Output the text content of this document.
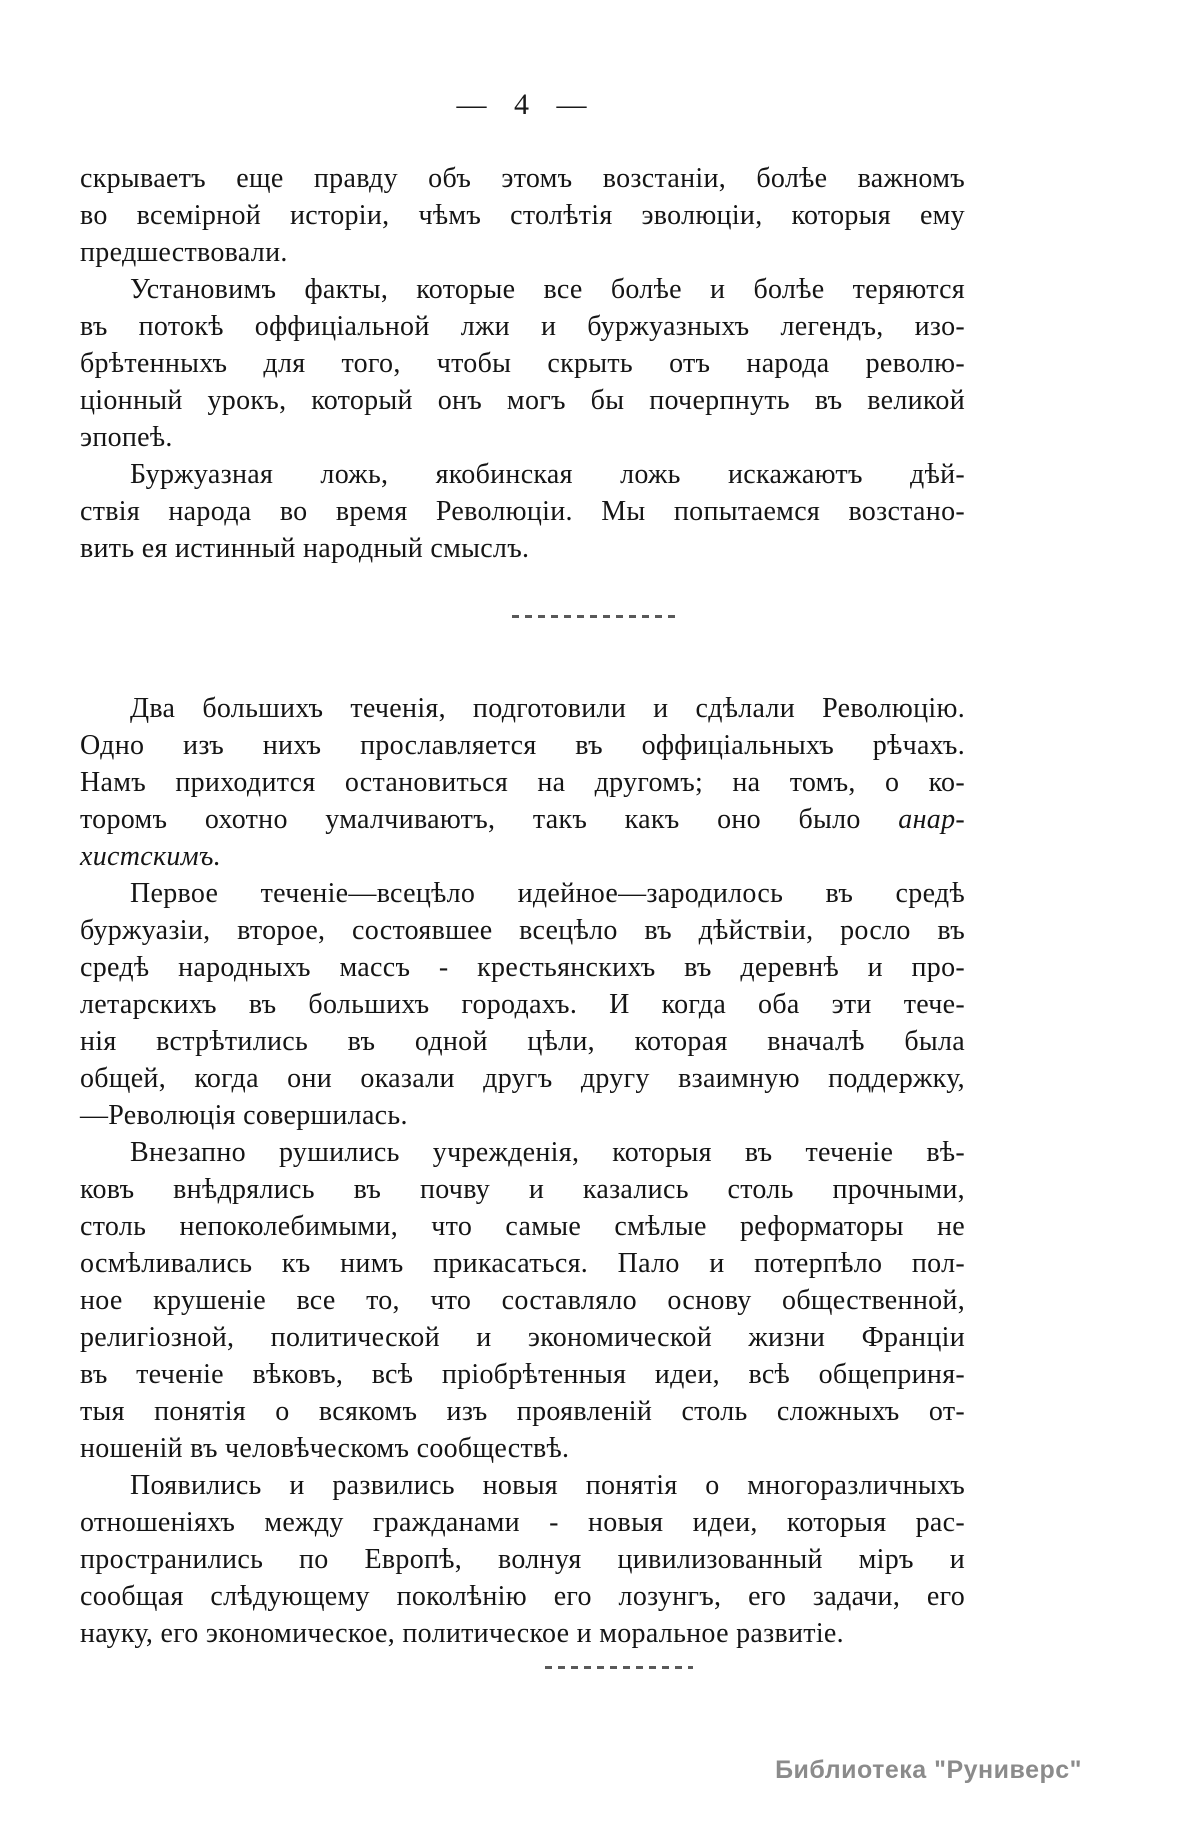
— 4 —
скрываетъ еще правду объ этомъ возстаніи, болѣе важномъ
во всемірной исторіи, чѣмъ столѣтія эволюціи, которыя ему
предшествовали.
Установимъ факты, которые все болѣе и болѣе теряются
въ потокѣ оффиціальной лжи и буржуазныхъ легендъ, изо-
брѣтенныхъ для того, чтобы скрыть отъ народа револю-
ціонный урокъ, который онъ могъ бы почерпнуть въ великой
эпопеѣ.
Буржуазная ложь, якобинская ложь искажаютъ дѣй-
ствія народа во время Революціи. Мы попытаемся возстано-
вить ея истинный народный смыслъ.
Два большихъ теченія, подготовили и сдѣлали Революцію.
Одно изъ нихъ прославляется въ оффиціальныхъ рѣчахъ.
Намъ приходится остановиться на другомъ; на томъ, о ко-
торомъ охотно умалчиваютъ, такъ какъ оно было анар-
хистскимъ.
Первое теченіе—всецѣло идейное—зародилось въ средѣ
буржуазіи, второе, состоявшее всецѣло въ дѣйствіи, росло въ
средѣ народныхъ массъ - крестьянскихъ въ деревнѣ и про-
летарскихъ въ большихъ городахъ. И когда оба эти тече-
нія встрѣтились въ одной цѣли, которая вначалѣ была
общей, когда они оказали другъ другу взаимную поддержку,
—Революція совершилась.
Внезапно рушились учрежденія, которыя въ теченіе вѣ-
ковъ внѣдрялись въ почву и казались столь прочными,
столь непоколебимыми, что самые смѣлые реформаторы не
осмѣливались къ нимъ прикасаться. Пало и потерпѣло пол-
ное крушеніе все то, что составляло основу общественной,
религіозной, политической и экономической жизни Франціи
въ теченіе вѣковъ, всѣ пріобрѣтенныя идеи, всѣ общеприня-
тыя понятія о всякомъ изъ проявленій столь сложныхъ от-
ношеній въ человѣческомъ сообществѣ.
Появились и развились новыя понятія о многоразличныхъ
отношеніяхъ между гражданами - новыя идеи, которыя рас-
пространились по Европѣ, волнуя цивилизованный міръ и
сообщая слѣдующему поколѣнію его лозунгъ, его задачи, его
науку, его экономическое, политическое и моральное развитіе.
Библиотека "Руниверс"
